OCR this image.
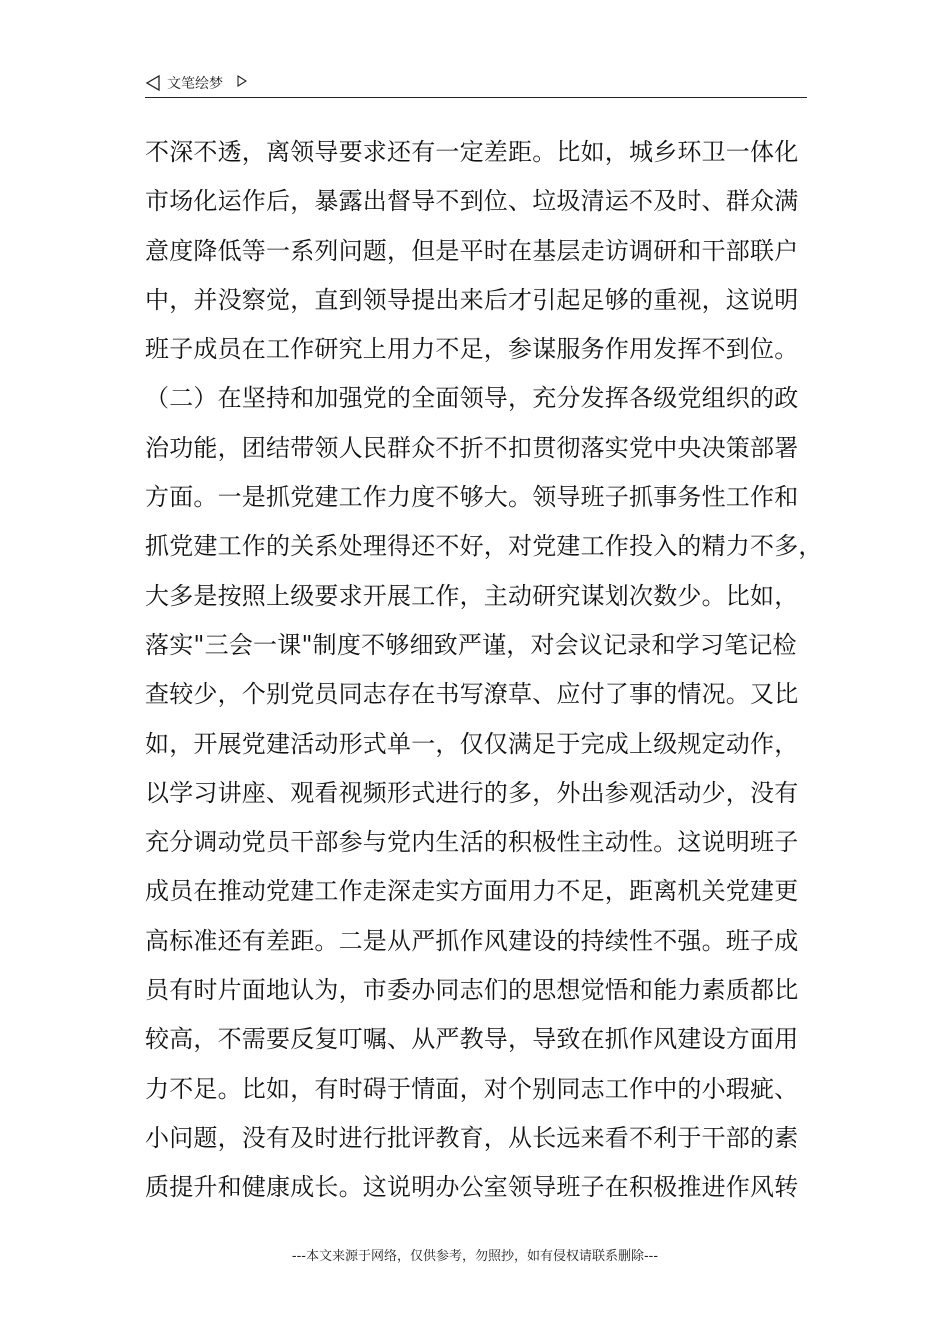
文笔绘梦
不深不透，离领导要求还有一定差距。比如，城乡环卫一体化
市场化运作后，暴露出督导不到位、垃圾清运不及时、群众满
意度降低等一系列问题，但是平时在基层走访调研和干部联户
中，并没察觉，直到领导提出来后才引起足够的重视，这说明
班子成员在工作研究上用力不足，参谋服务作用发挥不到位。
（二）在坚持和加强党的全面领导，充分发挥各级党组织的政
治功能，团结带领人民群众不折不扣贯彻落实党中央决策部署
方面。一是抓党建工作力度不够大。领导班子抓事务性工作和
抓党建工作的关系处理得还不好，对党建工作投入的精力不多，
大多是按照上级要求开展工作，主动研究谋划次数少。比如，
落实"三会一课"制度不够细致严谨，对会议记录和学习笔记检
查较少，个别党员同志存在书写潦草、应付了事的情况。又比
如，开展党建活动形式单一，仅仅满足于完成上级规定动作，
以学习讲座、观看视频形式进行的多，外出参观活动少，没有
充分调动党员干部参与党内生活的积极性主动性。这说明班子
成员在推动党建工作走深走实方面用力不足，距离机关党建更
高标准还有差距。二是从严抓作风建设的持续性不强。班子成
员有时片面地认为，市委办同志们的思想觉悟和能力素质都比
较高，不需要反复叮嘱、从严教导，导致在抓作风建设方面用
力不足。比如，有时碍于情面，对个别同志工作中的小瑕疵、
小问题，没有及时进行批评教育，从长远来看不利于干部的素
质提升和健康成长。这说明办公室领导班子在积极推进作风转
---本文来源于网络，仅供参考，勿照抄，如有侵权请联系删除---
